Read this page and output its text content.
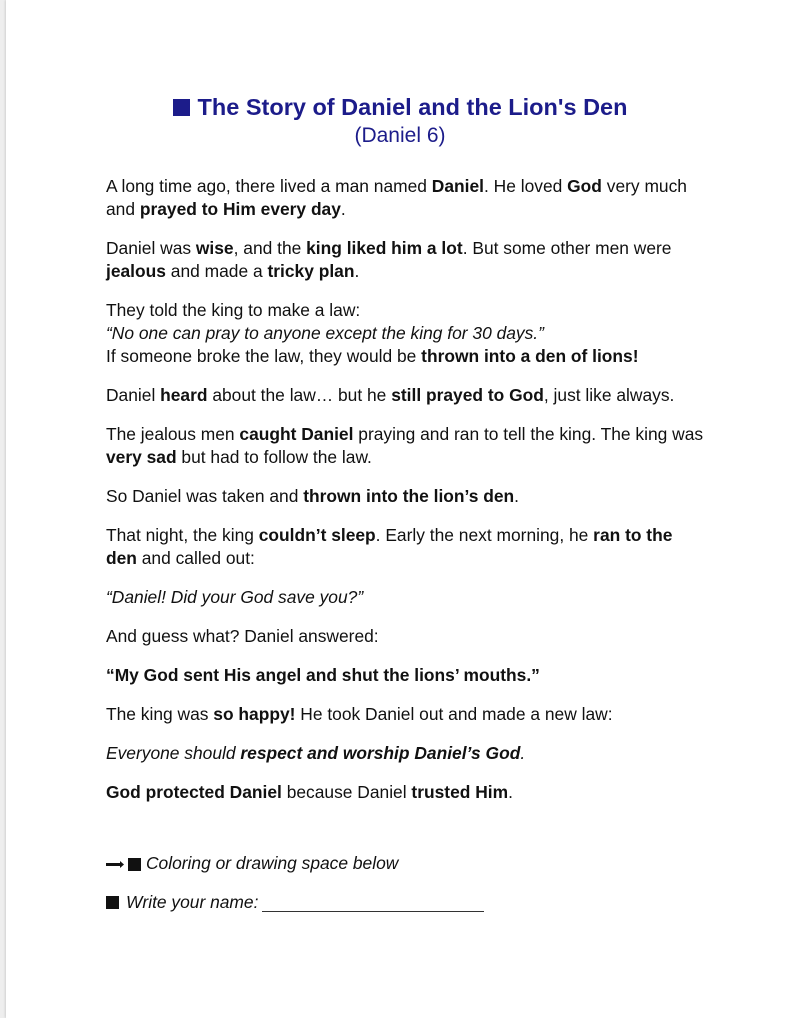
The Story of Daniel and the Lion's Den
(Daniel 6)

A long time ago, there lived a man named Daniel. He loved God very much and prayed to Him every day.

Daniel was wise, and the king liked him a lot. But some other men were jealous and made a tricky plan.

They told the king to make a law:
“No one can pray to anyone except the king for 30 days.”
If someone broke the law, they would be thrown into a den of lions!

Daniel heard about the law… but he still prayed to God, just like always.

The jealous men caught Daniel praying and ran to tell the king. The king was very sad but had to follow the law.

So Daniel was taken and thrown into the lion’s den.

That night, the king couldn’t sleep. Early the next morning, he ran to the den and called out:

“Daniel! Did your God save you?”

And guess what? Daniel answered:

“My God sent His angel and shut the lions’ mouths.”

The king was so happy! He took Daniel out and made a new law:

Everyone should respect and worship Daniel’s God.

God protected Daniel because Daniel trusted Him.

Coloring or drawing space below

Write your name:
